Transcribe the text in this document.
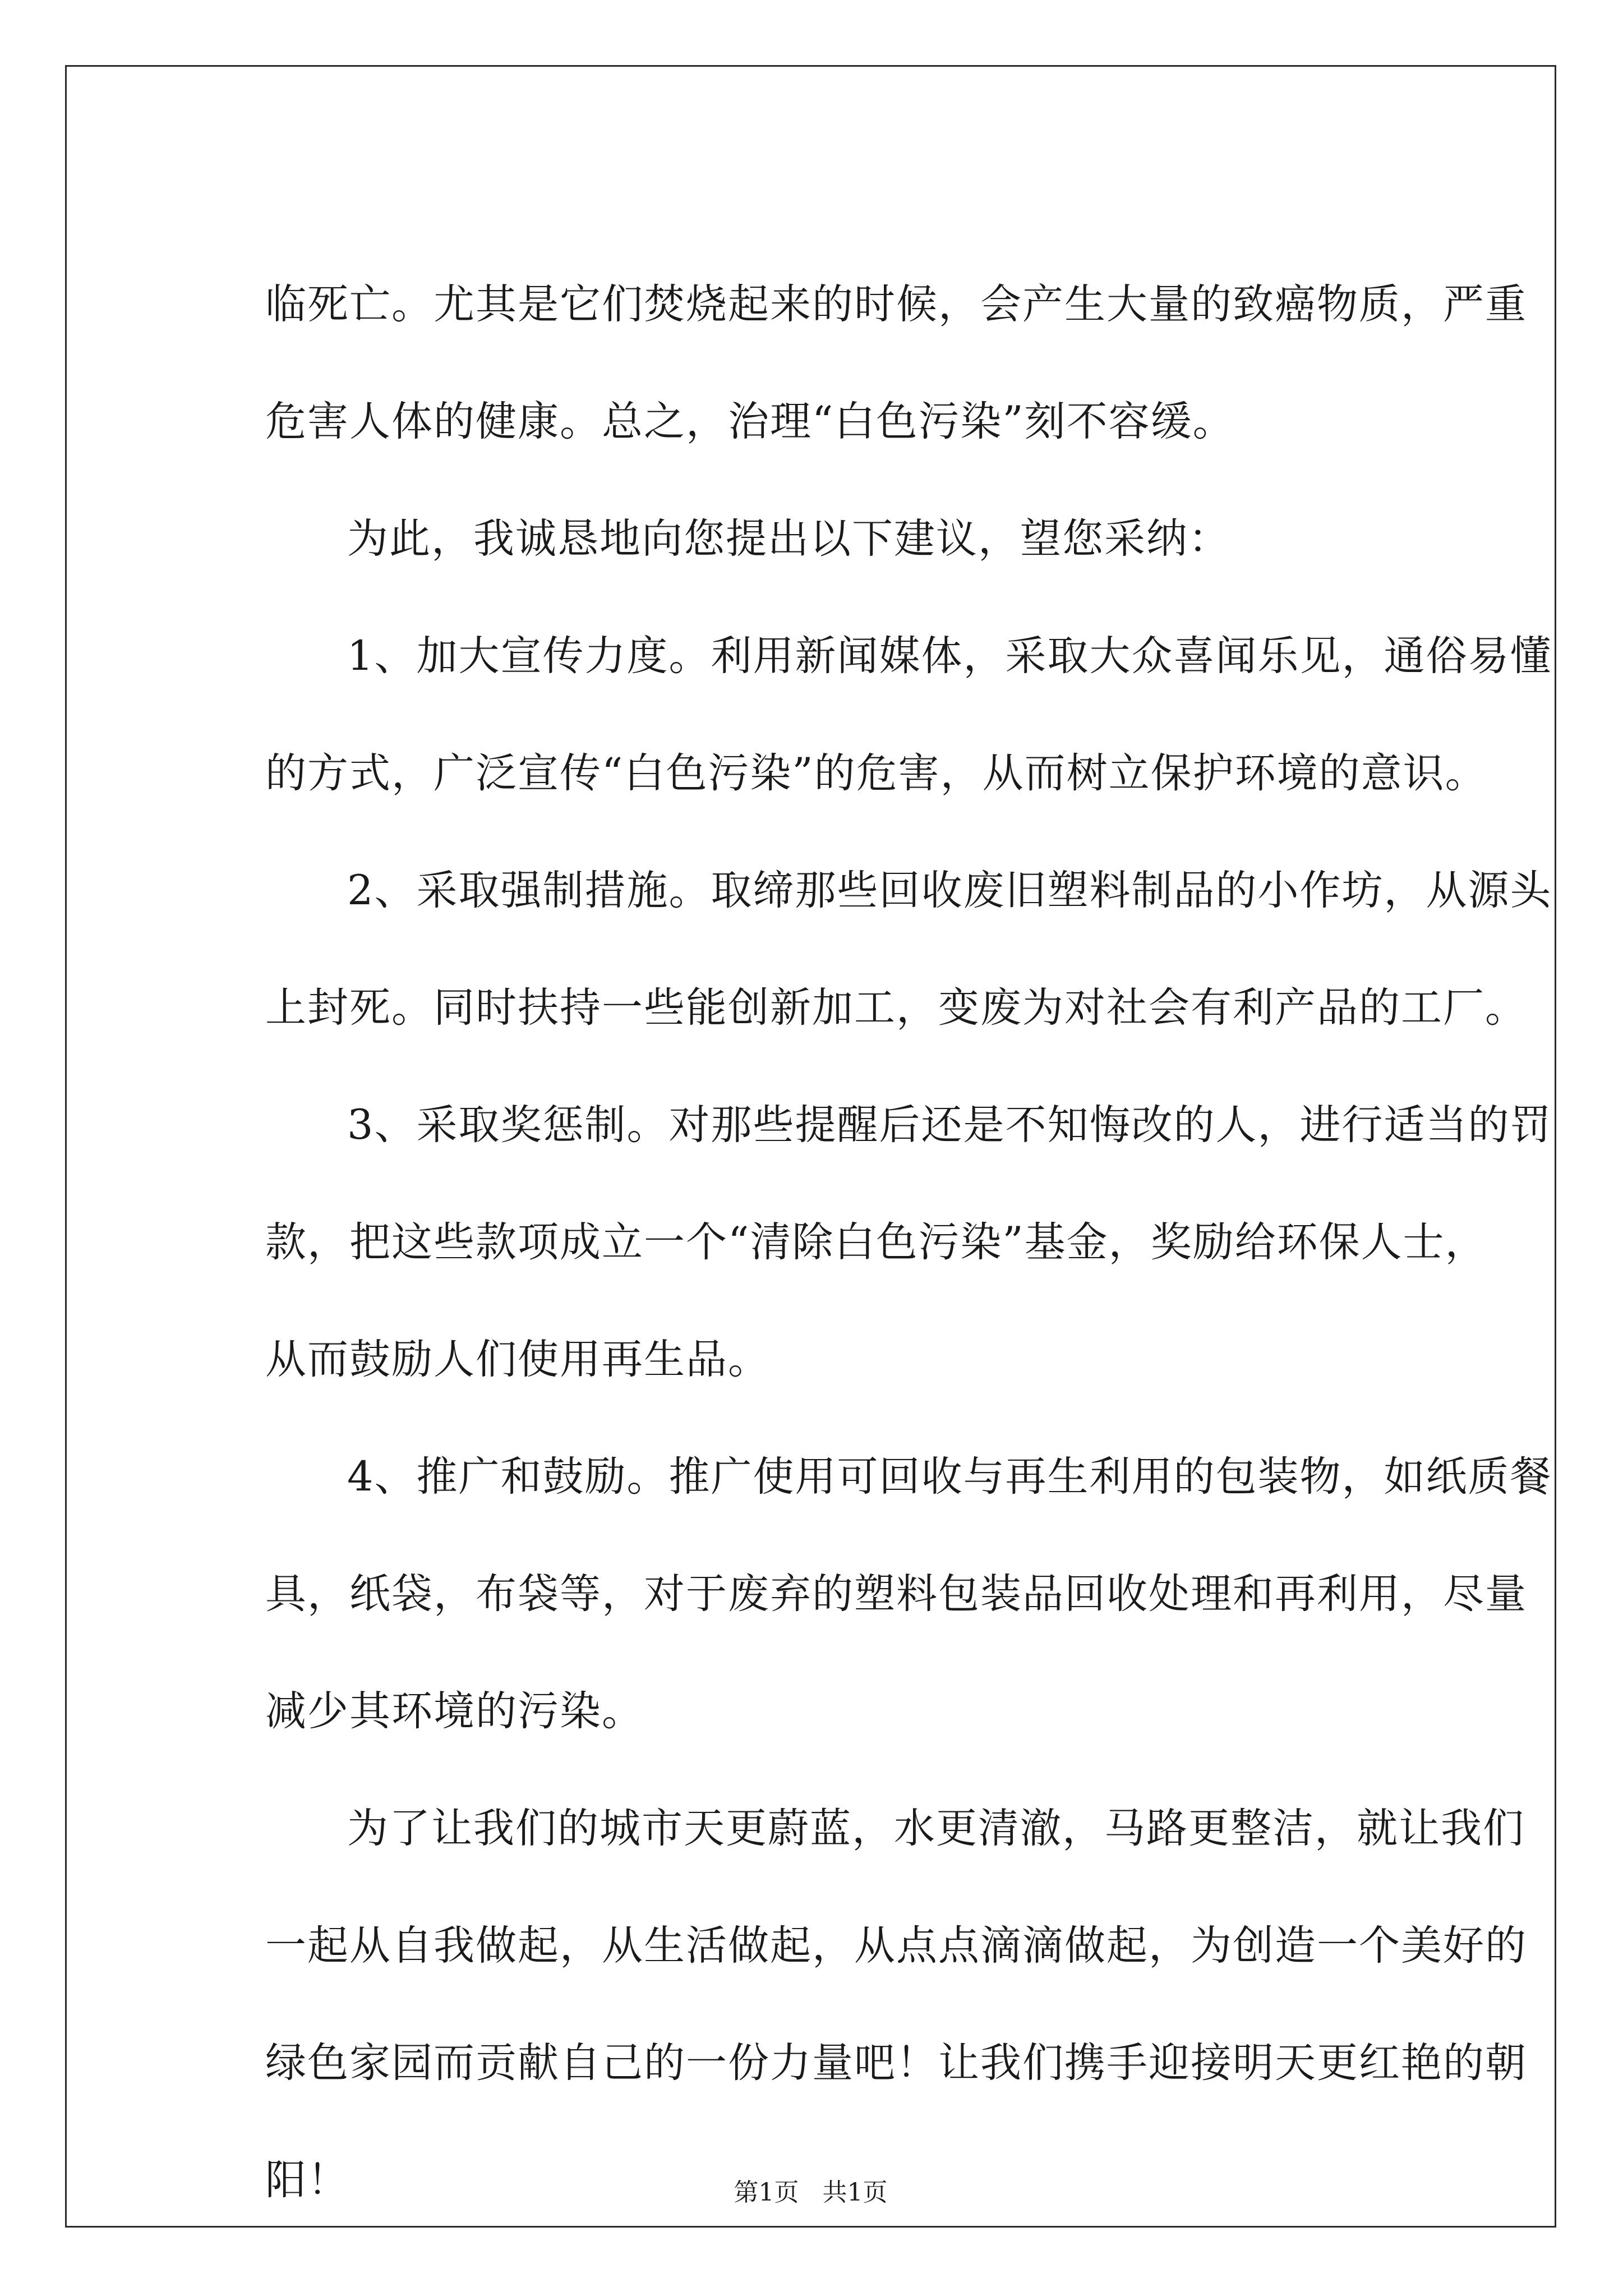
临死亡。尤其是它们焚烧起来的时候，会产生大量的致癌物质，严重
危害人体的健康。总之，治理“白色污染”刻不容缓。
为此，我诚恳地向您提出以下建议，望您采纳：
1、加大宣传力度。利用新闻媒体，采取大众喜闻乐见，通俗易懂
的方式，广泛宣传“白色污染”的危害，从而树立保护环境的意识。
2、采取强制措施。取缔那些回收废旧塑料制品的小作坊，从源头
上封死。同时扶持一些能创新加工，变废为对社会有利产品的工厂。
3、采取奖惩制。对那些提醒后还是不知悔改的人，进行适当的罚
款，把这些款项成立一个“清除白色污染”基金，奖励给环保人士，
从而鼓励人们使用再生品。
4、推广和鼓励。推广使用可回收与再生利用的包装物，如纸质餐
具，纸袋，布袋等，对于废弃的塑料包装品回收处理和再利用，尽量
减少其环境的污染。
为了让我们的城市天更蔚蓝，水更清澈，马路更整洁，就让我们
一起从自我做起，从生活做起，从点点滴滴做起，为创造一个美好的
绿色家园而贡献自己的一份力量吧！让我们携手迎接明天更红艳的朝
阳！	第1页 共1页
